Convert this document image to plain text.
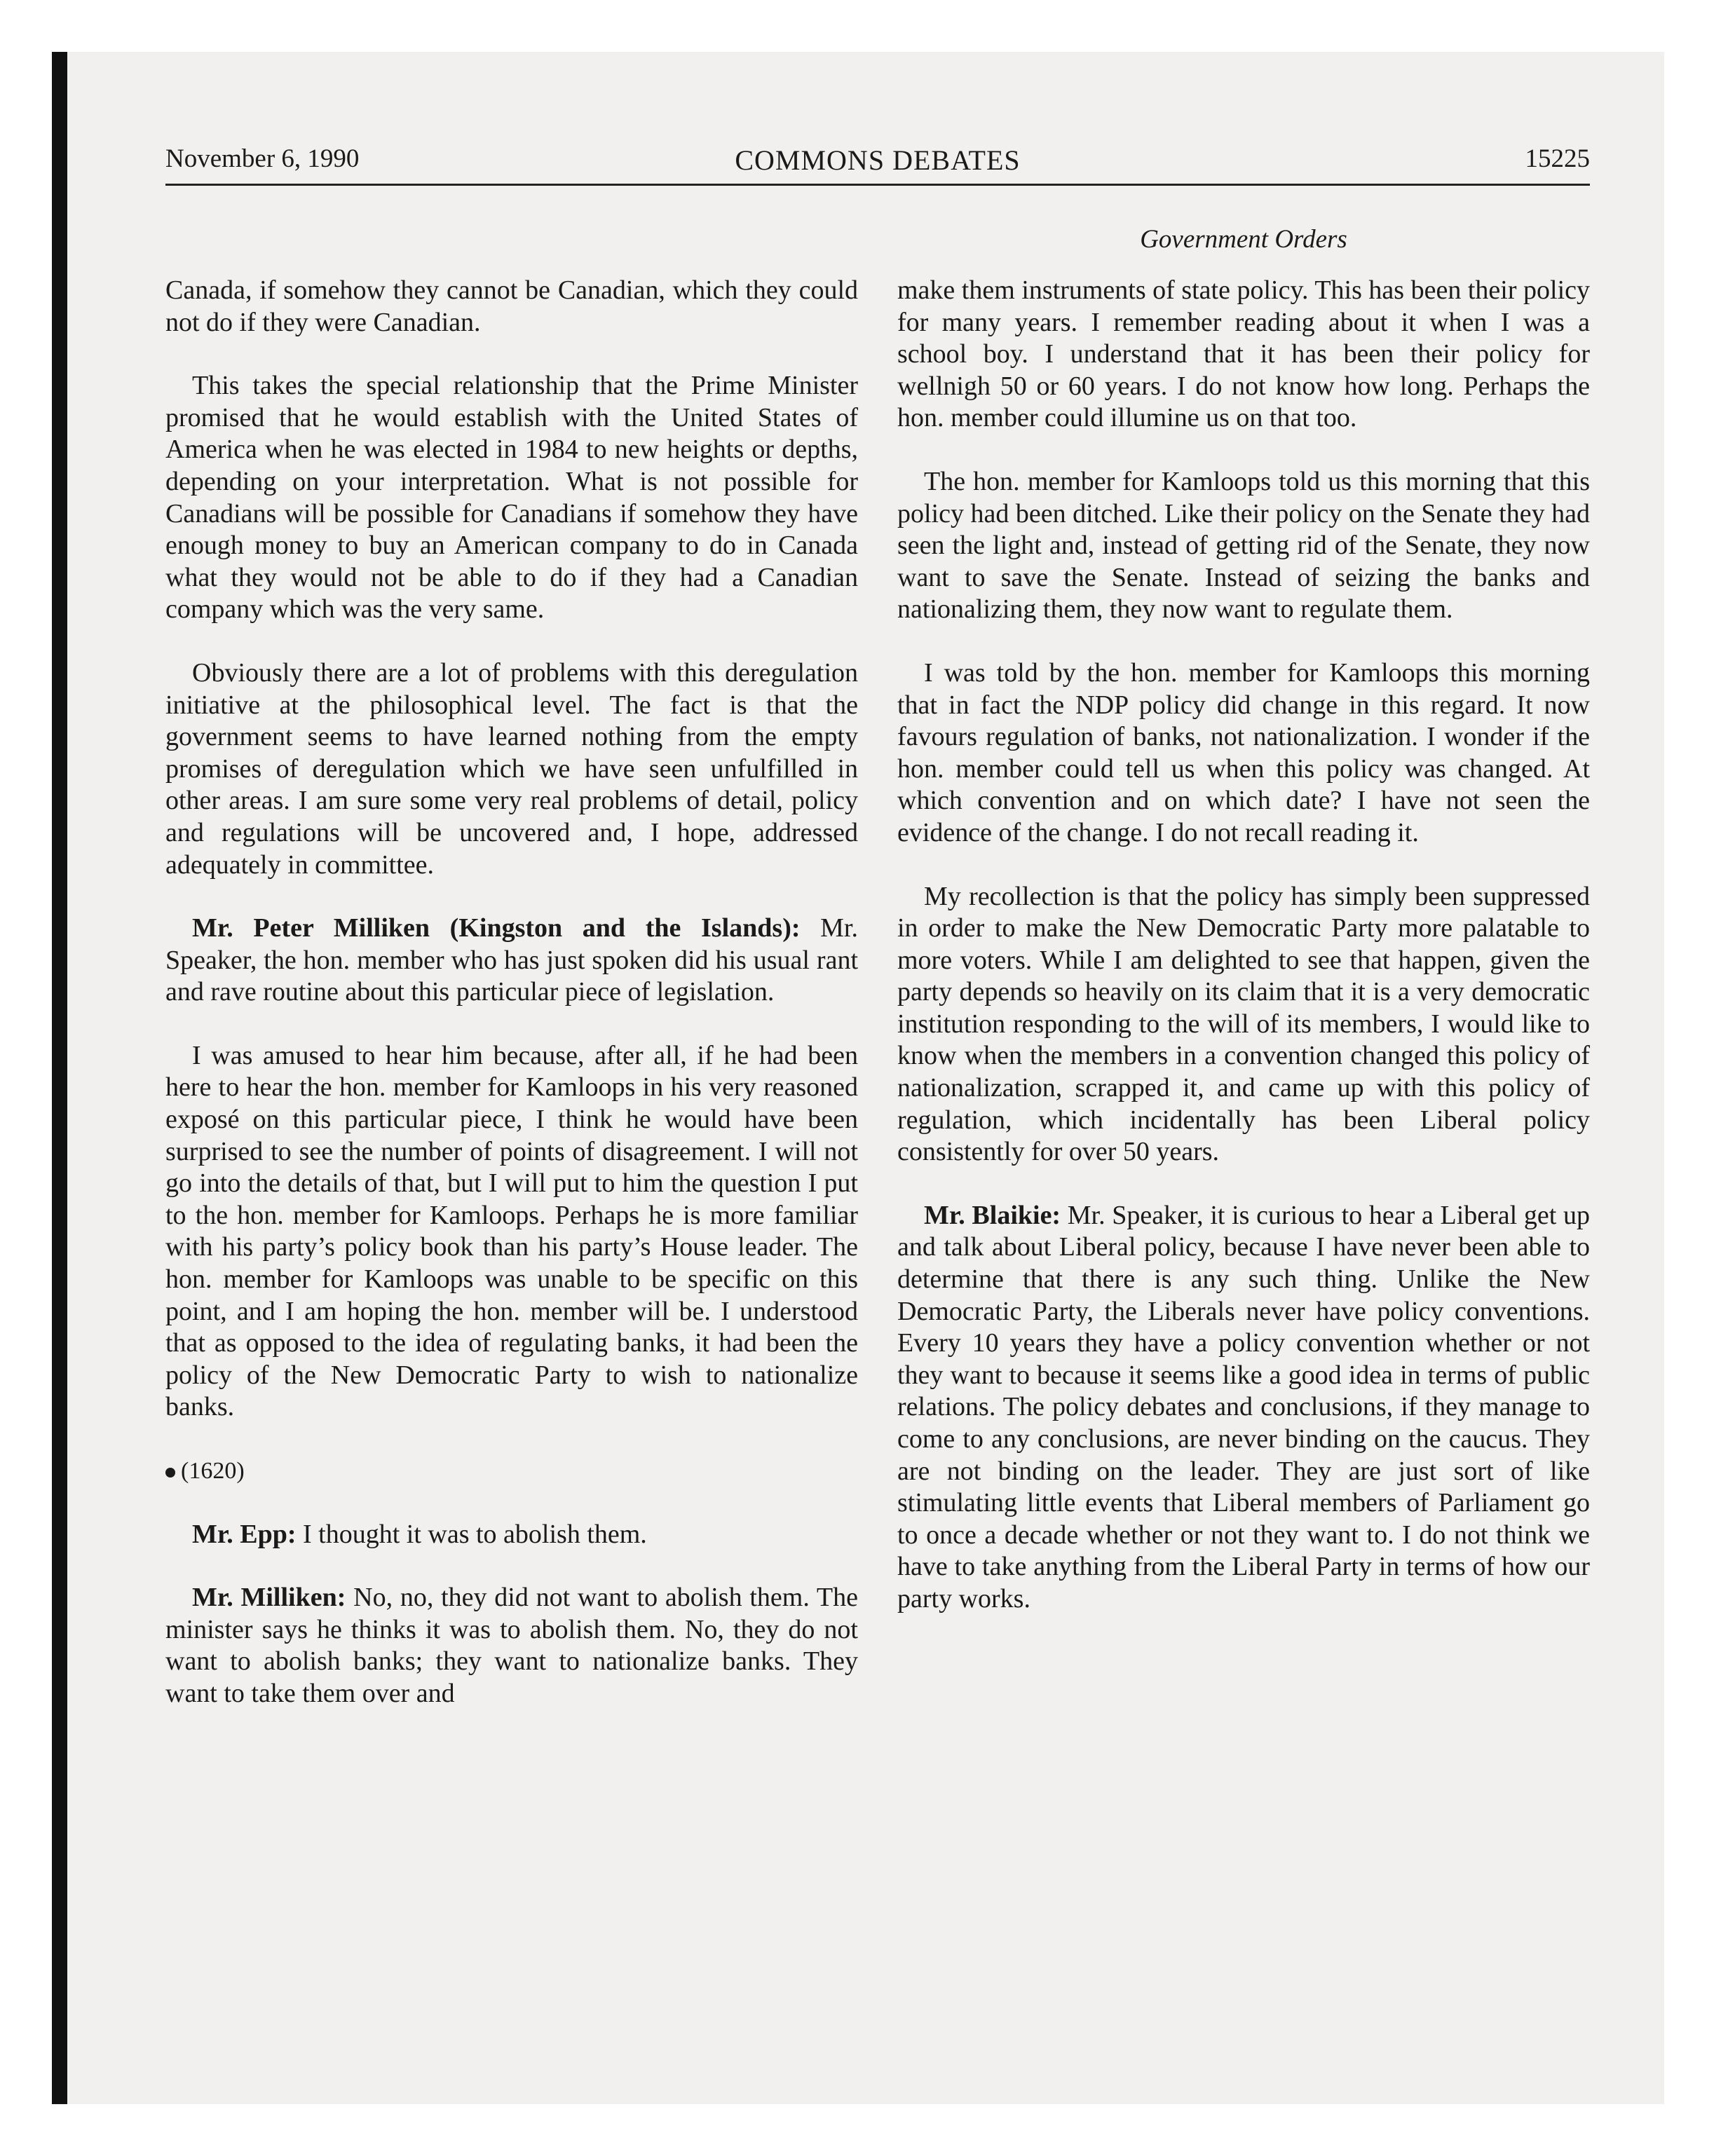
November 6, 1990	COMMONS DEBATES	15225
Government Orders

Canada, if somehow they cannot be Canadian, which they could not do if they were Canadian.

This takes the special relationship that the Prime Minister promised that he would establish with the United States of America when he was elected in 1984 to new heights or depths, depending on your interpretation. What is not possible for Canadians will be possible for Canadians if somehow they have enough money to buy an American company to do in Canada what they would not be able to do if they had a Canadian company which was the very same.

Obviously there are a lot of problems with this deregulation initiative at the philosophical level. The fact is that the government seems to have learned nothing from the empty promises of deregulation which we have seen unfulfilled in other areas. I am sure some very real problems of detail, policy and regulations will be uncovered and, I hope, addressed adequately in committee.

Mr. Peter Milliken (Kingston and the Islands): Mr. Speaker, the hon. member who has just spoken did his usual rant and rave routine about this particular piece of legislation.

I was amused to hear him because, after all, if he had been here to hear the hon. member for Kamloops in his very reasoned exposé on this particular piece, I think he would have been surprised to see the number of points of disagreement. I will not go into the details of that, but I will put to him the question I put to the hon. member for Kamloops. Perhaps he is more familiar with his party’s policy book than his party’s House leader. The hon. member for Kamloops was unable to be specific on this point, and I am hoping the hon. member will be. I understood that as opposed to the idea of regulating banks, it had been the policy of the New Democratic Party to wish to nationalize banks.

(1620)

Mr. Epp: I thought it was to abolish them.

Mr. Milliken: No, no, they did not want to abolish them. The minister says he thinks it was to abolish them. No, they do not want to abolish banks; they want to nationalize banks. They want to take them over and

make them instruments of state policy. This has been their policy for many years. I remember reading about it when I was a school boy. I understand that it has been their policy for wellnigh 50 or 60 years. I do not know how long. Perhaps the hon. member could illumine us on that too.

The hon. member for Kamloops told us this morning that this policy had been ditched. Like their policy on the Senate they had seen the light and, instead of getting rid of the Senate, they now want to save the Senate. Instead of seizing the banks and nationalizing them, they now want to regulate them.

I was told by the hon. member for Kamloops this morning that in fact the NDP policy did change in this regard. It now favours regulation of banks, not nationalization. I wonder if the hon. member could tell us when this policy was changed. At which convention and on which date? I have not seen the evidence of the change. I do not recall reading it.

My recollection is that the policy has simply been suppressed in order to make the New Democratic Party more palatable to more voters. While I am delighted to see that happen, given the party depends so heavily on its claim that it is a very democratic institution responding to the will of its members, I would like to know when the members in a convention changed this policy of nationalization, scrapped it, and came up with this policy of regulation, which incidentally has been Liberal policy consistently for over 50 years.

Mr. Blaikie: Mr. Speaker, it is curious to hear a Liberal get up and talk about Liberal policy, because I have never been able to determine that there is any such thing. Unlike the New Democratic Party, the Liberals never have policy conventions. Every 10 years they have a policy convention whether or not they want to because it seems like a good idea in terms of public relations. The policy debates and conclusions, if they manage to come to any conclusions, are never binding on the caucus. They are not binding on the leader. They are just sort of like stimulating little events that Liberal members of Parliament go to once a decade whether or not they want to. I do not think we have to take anything from the Liberal Party in terms of how our party works.
